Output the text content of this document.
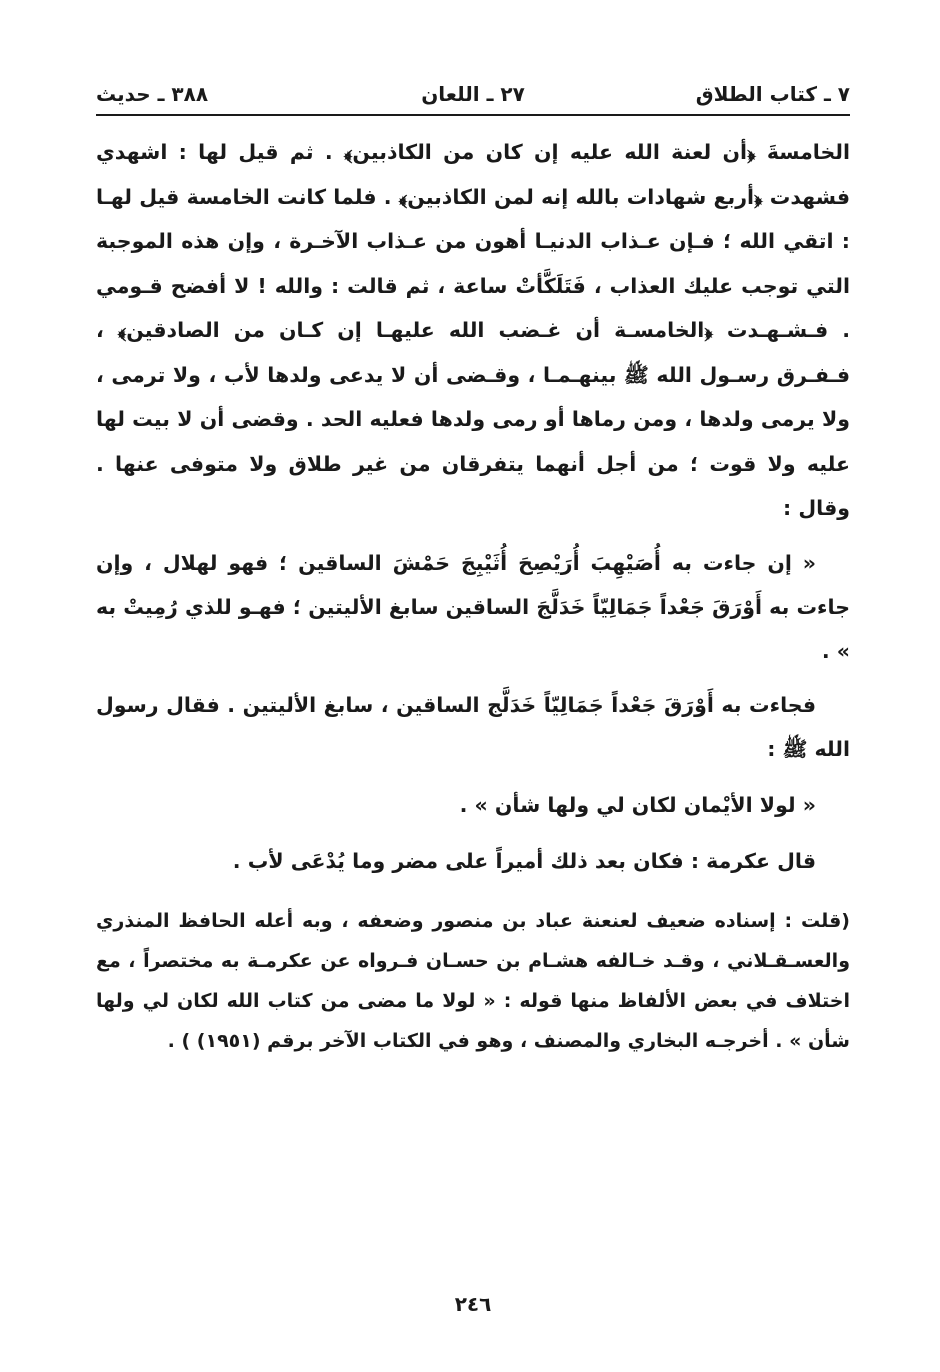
٧ ـ كتاب الطلاق
٢٧ ـ اللعان
٣٨٨ ـ حديث

الخامسةَ ﴿أن لعنة الله عليه إن كان من الكاذبين﴾ . ثم قيل لها : اشهدي فشهدت ﴿أربع شهادات بالله إنه لمن الكاذبين﴾ . فلما كانت الخامسة قيل لهـا : اتقي الله ؛ فـإن عـذاب الدنيـا أهون من عـذاب الآخـرة ، وإن هذه الموجبة التي توجب عليك العذاب ، فَتَلَكَّأتْ ساعة ، ثم قالت : والله ! لا أفضح قـومي . فـشـهـدت ﴿الخامسـة أن غـضب الله عليهـا إن كـان من الصادقين﴾ ، فـفـرق رسـول الله ﷺ بينهـمـا ، وقـضى أن لا يدعى ولدها لأب ، ولا ترمى ، ولا يرمى ولدها ، ومن رماها أو رمى ولدها فعليه الحد . وقضى أن لا بيت لها عليه ولا قوت ؛ من أجل أنهما يتفرقان من غير طلاق ولا متوفى عنها . وقال :

« إن جاءت به أُصَيْهِبَ أُرَيْصِحَ أُثَيْبِجَ حَمْشَ الساقين ؛ فهو لهلال ، وإن جاءت به أَوْرَقَ جَعْداً جَمَالِيّاً خَدَلَّجَ الساقين سابغ الأليتين ؛ فهـو للذي رُمِيتْ به » .

فجاءت به أَوْرَقَ جَعْداً جَمَالِيّاً خَدَلَّج الساقين ، سابغ الأليتين . فقال رسول الله ﷺ :

« لولا الأيْمان لكان لي ولها شأن » .

قال عكرمة : فكان بعد ذلك أميراً على مضر وما يُدْعَى لأب .

(قلت : إسناده ضعيف لعنعنة عباد بن منصور وضعفه ، وبه أعله الحافظ المنذري والعسـقـلاني ، وقـد خـالفه هشـام بن حسـان فـرواه عن عكرمـة به مختصراً ، مع اختلاف في بعض الألفاظ منها قوله : « لولا ما مضى من كتاب الله لكان لي ولها شأن » . أخرجـه البخاري والمصنف ، وهو في الكتاب الآخر برقم (١٩٥١) ) .

٢٤٦
